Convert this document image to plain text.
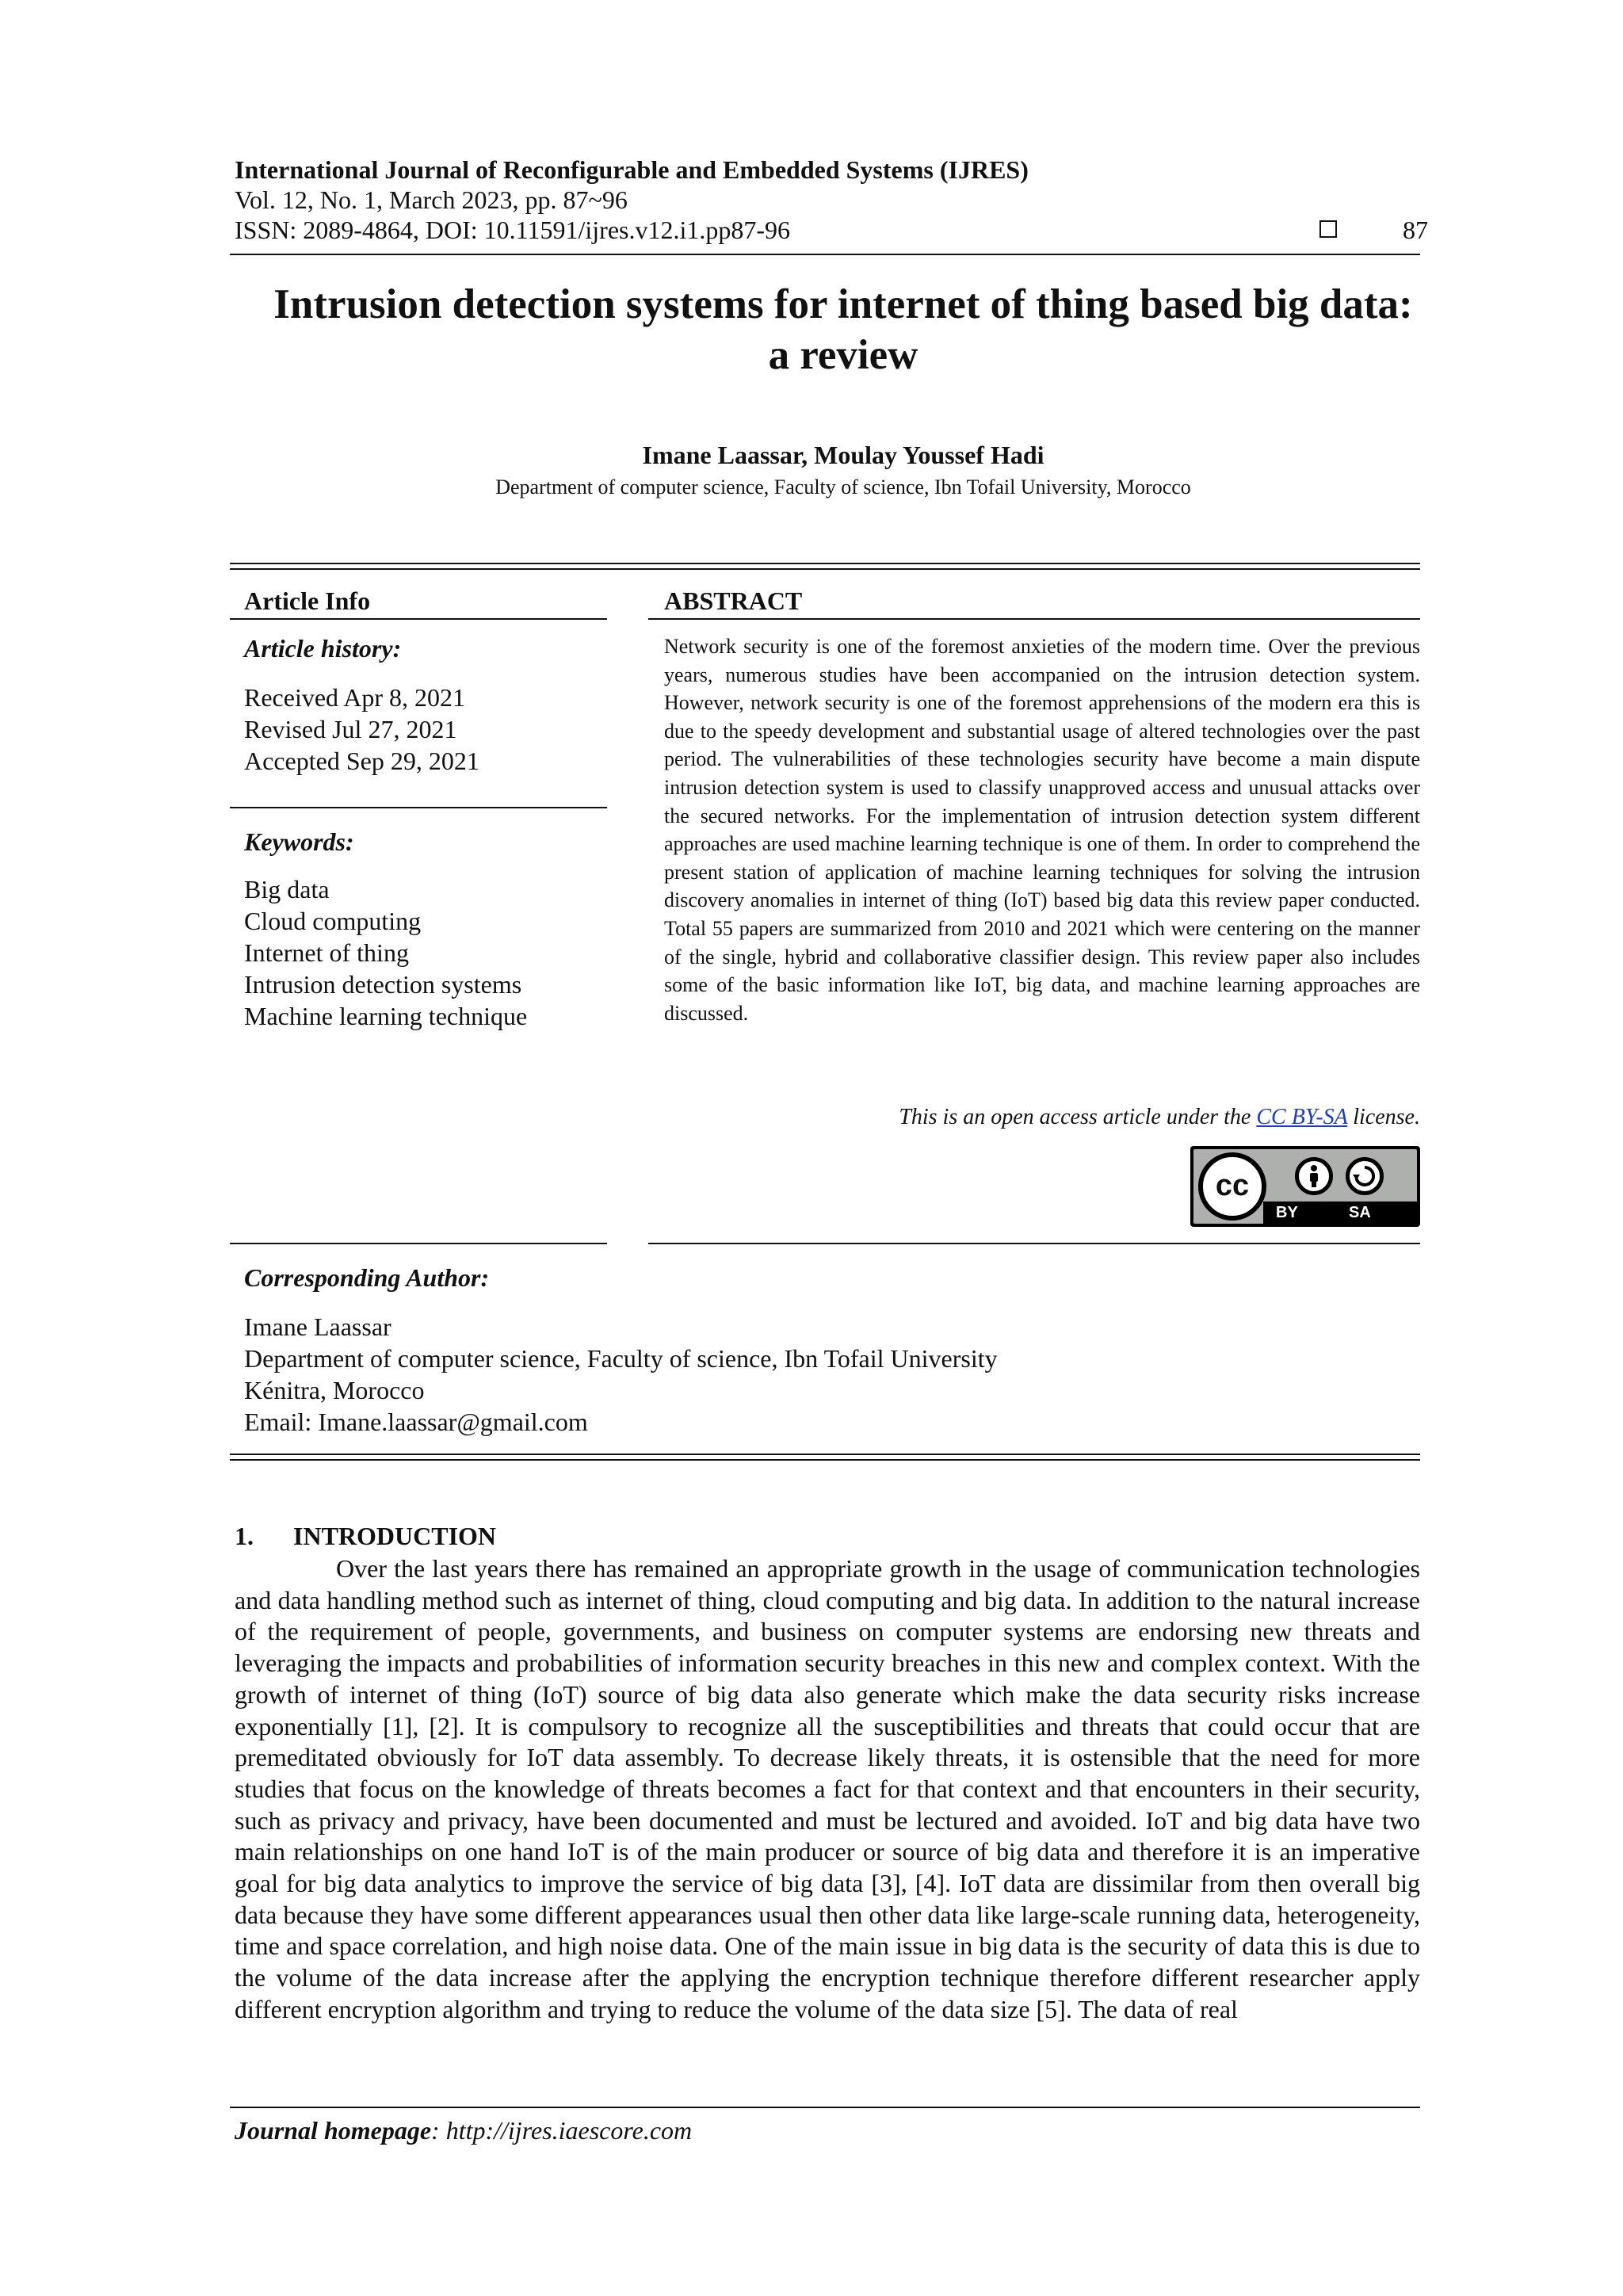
International Journal of Reconfigurable and Embedded Systems (IJRES)
Vol. 12, No. 1, March 2023, pp. 87~96
ISSN: 2089-4864, DOI: 10.11591/ijres.v12.i1.pp87-96	87
Intrusion detection systems for internet of thing based big data:
a review
Imane Laassar, Moulay Youssef Hadi
Department of computer science, Faculty of science, Ibn Tofail University, Morocco
Article Info
Article history:
Received Apr 8, 2021
Revised Jul 27, 2021
Accepted Sep 29, 2021
Keywords:
Big data
Cloud computing
Internet of thing
Intrusion detection systems
Machine learning technique
ABSTRACT

Network security is one of the foremost anxieties of the modern time. Over the previous years, numerous studies have been accompanied on the intrusion detection system. However, network security is one of the foremost apprehensions of the modern era this is due to the speedy development and substantial usage of altered technologies over the past period. The vulnerabilities of these technologies security have become a main dispute intrusion detection system is used to classify unapproved access and unusual attacks over the secured networks. For the implementation of intrusion detection system different approaches are used machine learning technique is one of them. In order to comprehend the present station of application of machine learning techniques for solving the intrusion discovery anomalies in internet of thing (IoT) based big data this review paper conducted. Total 55 papers are summarized from 2010 and 2021 which were centering on the manner of the single, hybrid and collaborative classifier design. This review paper also includes some of the basic information like IoT, big data, and machine learning approaches are discussed.

This is an open access article under the CC BY-SA license.
cc
BY	SA
Corresponding Author:
Imane Laassar
Department of computer science, Faculty of science, Ibn Tofail University
Kénitra, Morocco
Email: Imane.laassar@gmail.com
1. INTRODUCTION

Over the last years there has remained an appropriate growth in the usage of communication technologies and data handling method such as internet of thing, cloud computing and big data. In addition to the natural increase of the requirement of people, governments, and business on computer systems are endorsing new threats and leveraging the impacts and probabilities of information security breaches in this new and complex context. With the growth of internet of thing (IoT) source of big data also generate which make the data security risks increase exponentially [1], [2]. It is compulsory to recognize all the susceptibilities and threats that could occur that are premeditated obviously for IoT data assembly. To decrease likely threats, it is ostensible that the need for more studies that focus on the knowledge of threats becomes a fact for that context and that encounters in their security, such as privacy and privacy, have been documented and must be lectured and avoided. IoT and big data have two main relationships on one hand IoT is of the main producer or source of big data and therefore it is an imperative goal for big data analytics to improve the service of big data [3], [4]. IoT data are dissimilar from then overall big data because they have some different appearances usual then other data like large-scale running data, heterogeneity, time and space correlation, and high noise data. One of the main issue in big data is the security of data this is due to the volume of the data increase after the applying the encryption technique therefore different researcher apply different encryption algorithm and trying to reduce the volume of the data size [5]. The data of real

Journal homepage: http://ijres.iaescore.com
